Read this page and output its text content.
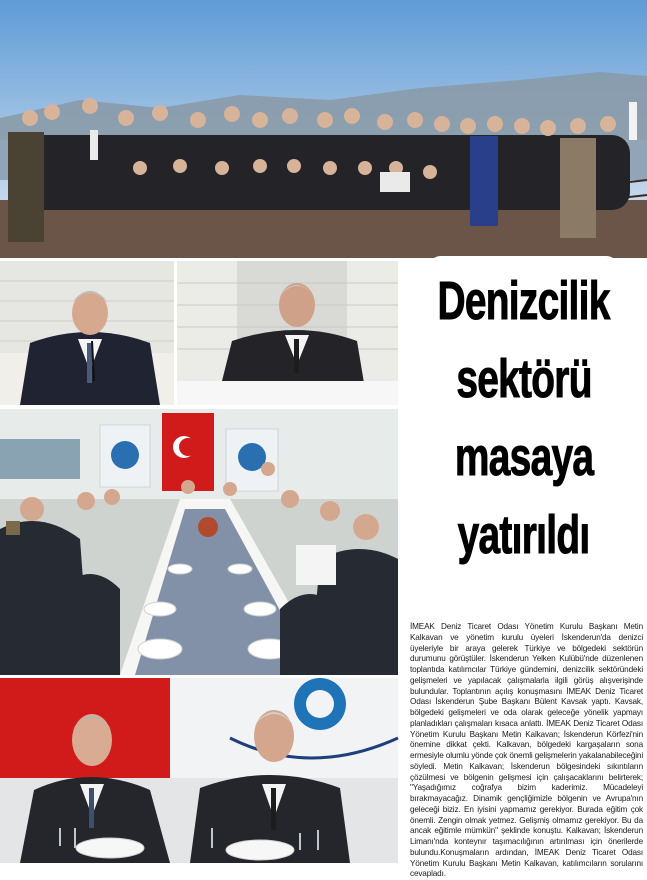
Denizcilik
sektörü
masaya
yatırıldı

İMEAK Deniz Ticaret Odası Yönetim Kurulu Başkanı Metin Kalkavan ve yönetim kurulu üyeleri İskenderun'da denizci üyeleriyle bir araya gelerek Türkiye ve bölgedeki sektörün durumunu görüştüler. İskenderun Yelken Kulübü'nde düzenlenen toplantıda katılımcılar Türkiye gündemini, denizcilik sektöründeki gelişmeleri ve yapılacak çalışmalarla ilgili görüş alışverişinde bulundular. Toplantının açılış konuşmasını İMEAK Deniz Ticaret Odası İskenderun Şube Başkanı Bülent Kavsak yaptı. Kavsak, bölgedeki gelişmeleri ve oda olarak geleceğe yönelik yapmayı planladıkları çalışmaları kısaca anlattı. İMEAK Deniz Ticaret Odası Yönetim Kurulu Başkanı Metin Kalkavan; İskenderun Körfezi'nin önemine dikkat çekti. Kalkavan, bölgedeki kargaşaların sona ermesiyle olumlu yönde çok önemli gelişmelerin yakalanabileceğini söyledi. Metin Kalkavan; İskenderun bölgesindeki sıkıntıların çözülmesi ve bölgenin gelişmesi için çalışacaklarını belirterek; "Yaşadığımız coğrafya bizim kaderimiz. Mücadeleyi bırakmayacağız. Dinamik gençliğimizle bölgenin ve Avrupa'nın geleceği biziz. En iyisini yapmamız gerekiyor. Burada eğitim çok önemli. Zengin olmak yetmez. Gelişmiş olmamız gerekiyor. Bu da ancak eğitimle mümkün" şeklinde konuştu. Kalkavan; İskenderun Limanı'nda konteynır taşımacılığının artırılması için önerilerde bulundu.Konuşmaların ardından, İMEAK Deniz Ticaret Odası Yönetim Kurulu Başkanı Metin Kalkavan, katılımcıların sorularını cevapladı.
